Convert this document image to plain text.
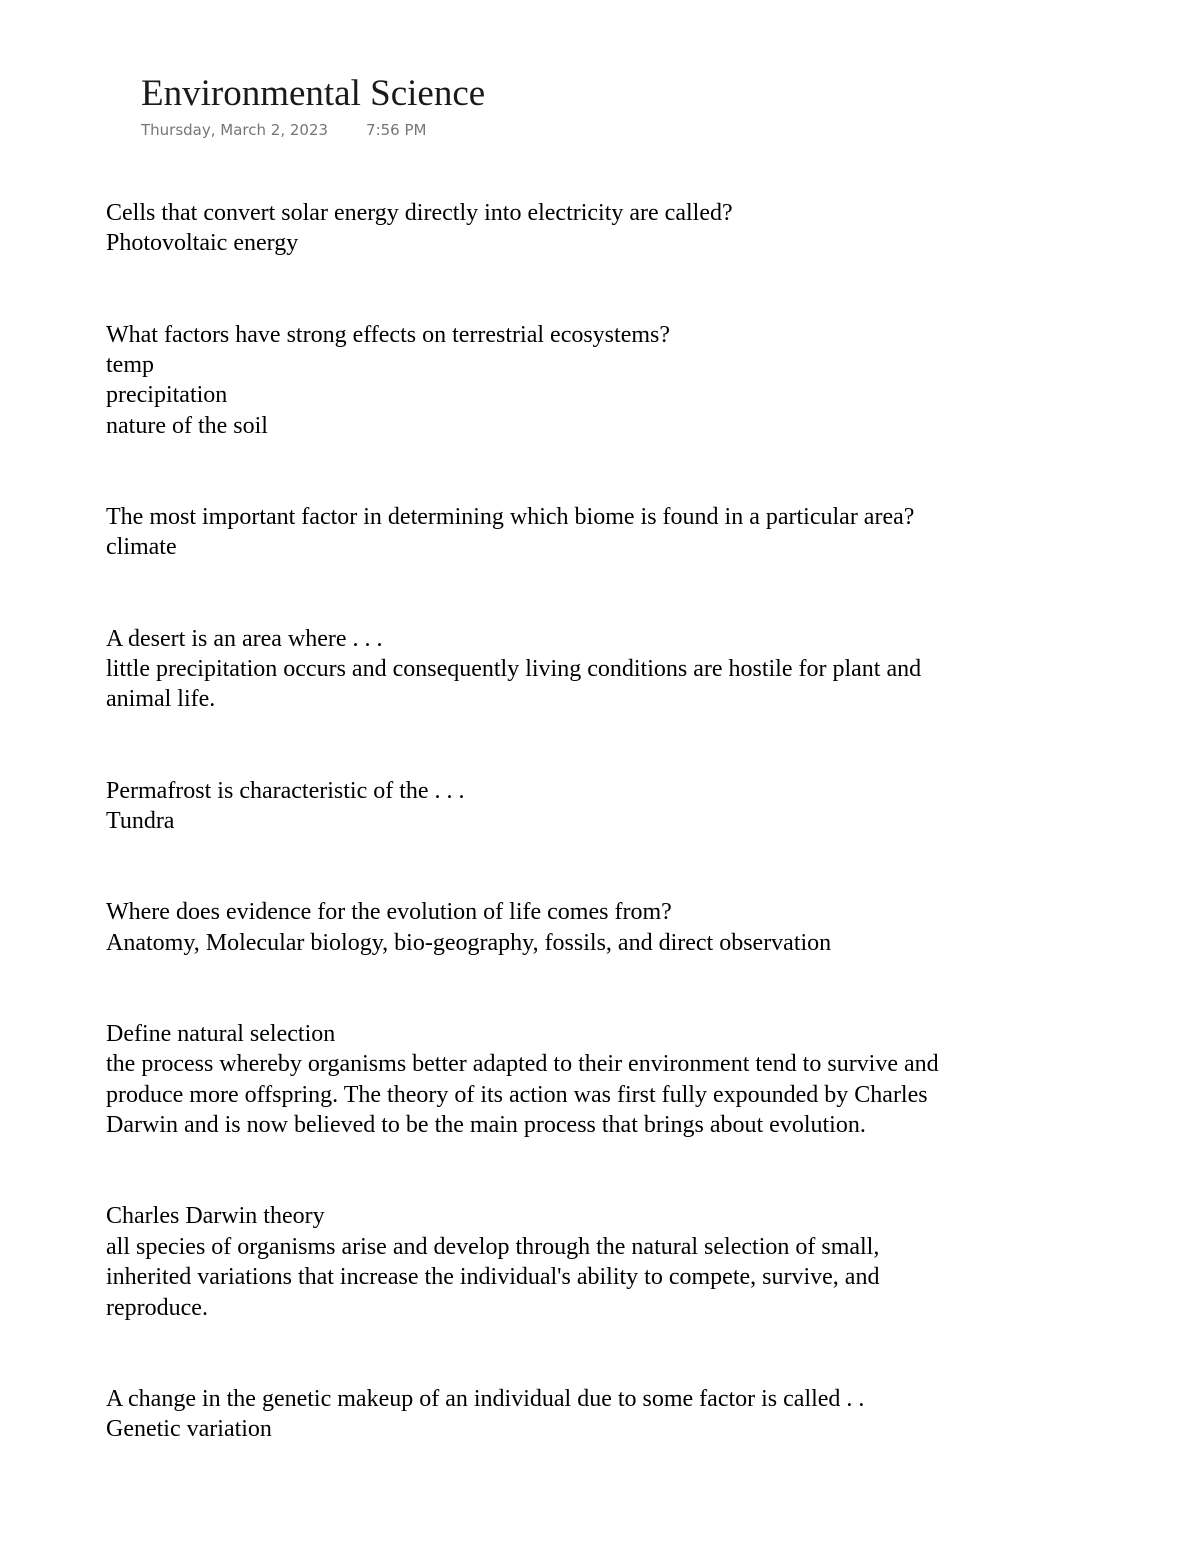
Environmental Science
Thursday, March 2, 2023	7:56 PM
Cells that convert solar energy directly into electricity are called?
Photovoltaic energy
What factors have strong effects on terrestrial ecosystems?
temp
precipitation
nature of the soil
The most important factor in determining which biome is found in a particular area?
climate
A desert is an area where . . .
little precipitation occurs and consequently living conditions are hostile for plant and
animal life.
Permafrost is characteristic of the . . .
Tundra
Where does evidence for the evolution of life comes from?
Anatomy, Molecular biology, bio-geography, fossils, and direct observation
Define natural selection
the process whereby organisms better adapted to their environment tend to survive and
produce more offspring. The theory of its action was first fully expounded by Charles
Darwin and is now believed to be the main process that brings about evolution.
Charles Darwin theory
all species of organisms arise and develop through the natural selection of small,
inherited variations that increase the individual's ability to compete, survive, and
reproduce.
A change in the genetic makeup of an individual due to some factor is called . .
Genetic variation
